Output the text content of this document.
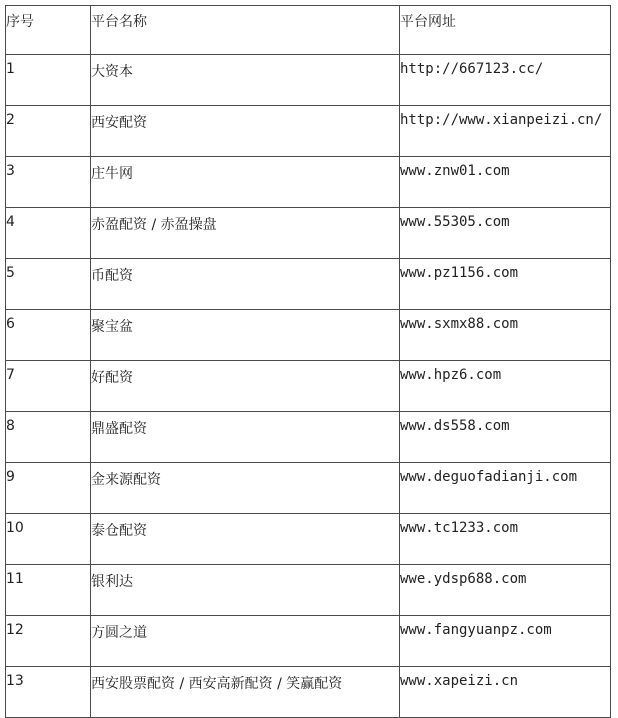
序号	平台名称	平台网址
1	大资本	http://667123.cc/
2	西安配资	http://www.xianpeizi.cn/
3	庄牛网	www.znw01.com
4	赤盈配资 / 赤盈操盘	www.55305.com
5	币配资	www.pz1156.com
6	聚宝盆	www.sxmx88.com
7	好配资	www.hpz6.com
8	鼎盛配资	www.ds558.com
9	金来源配资	www.deguofadianji.com
10	泰仓配资	www.tc1233.com
11	银利达	wwe.ydsp688.com
12	方圆之道	www.fangyuanpz.com
13	西安股票配资 / 西安高新配资 / 笑赢配资	www.xapeizi.cn
